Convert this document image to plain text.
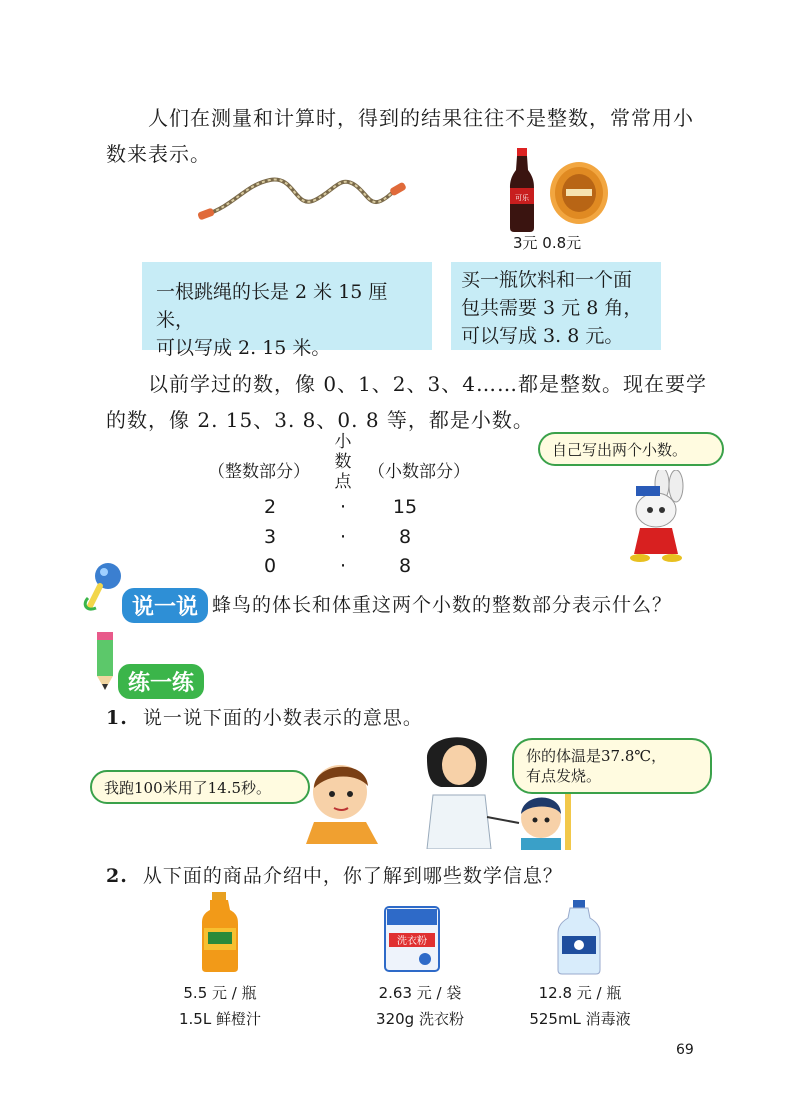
人们在测量和计算时，得到的结果往往不是整数，常常用小
数来表示。
可乐
3元 0.8元
一根跳绳的长是 2 米 15 厘米，
可以写成 2. 15 米。
买一瓶饮料和一个面
包共需要 3 元 8 角，
可以写成 3. 8 元。
以前学过的数，像 0、1、2、3、4……都是整数。现在要学
的数，像 2. 15、3. 8、0. 8 等，都是小数。
（整数部分）
小
数
点 （小数部分）
2	·	15
3	·	8
0	·	8
自己写出两个小数。
说一说 蜂鸟的体长和体重这两个小数的整数部分表示什么？
练一练
1. 说一说下面的小数表示的意思。
我跑100米用了14.5秒。
你的体温是37.8℃，
有点发烧。
2. 从下面的商品介绍中，你了解到哪些数学信息？
洗衣粉
5.5 元 / 瓶
1.5L 鲜橙汁
2.63 元 / 袋
320g 洗衣粉
12.8 元 / 瓶
525mL 消毒液
69
